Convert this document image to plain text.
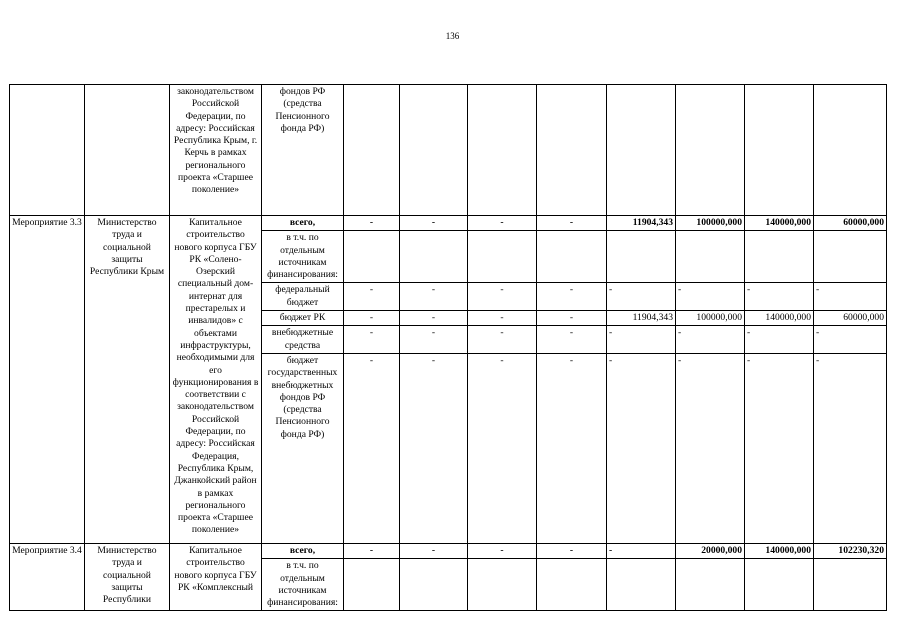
136
		законодательством Российской Федерации, по адресу: Российская Республика Крым, г. Керчь в рамках регионального проекта «Старшее поколение»	фондов РФ (средства Пенсионного фонда РФ)								
Мероприятие 3.3	Министерство труда и социальной защиты Республики Крым	Капитальное строительство нового корпуса ГБУ РК «Солено-Озерский специальный дом-интернат для престарелых и инвалидов» с объектами инфраструктуры, необходимыми для его функционирования в соответствии с законодательством Российской Федерации, по адресу: Российская Федерация, Республика Крым, Джанкойский район в рамках регионального проекта «Старшее поколение»	всего,	-	-	-	-	11904,343	100000,000	140000,000	60000,000
			в т.ч. по отдельным источникам финансирования:								
			федеральный бюджет	-	-	-	-	-	-	-	-
			бюджет РК	-	-	-	-	11904,343	100000,000	140000,000	60000,000
			внебюджетные средства	-	-	-	-	-	-	-	-
			бюджет государственных внебюджетных фондов РФ (средства Пенсионного фонда РФ)	-	-	-	-	-	-	-	-
Мероприятие 3.4	Министерство труда и социальной защиты Республики	Капитальное строительство нового корпуса ГБУ РК «Комплексный	всего,	-	-	-	-	-	20000,000	140000,000	102230,320
			в т.ч. по отдельным источникам финансирования:								
